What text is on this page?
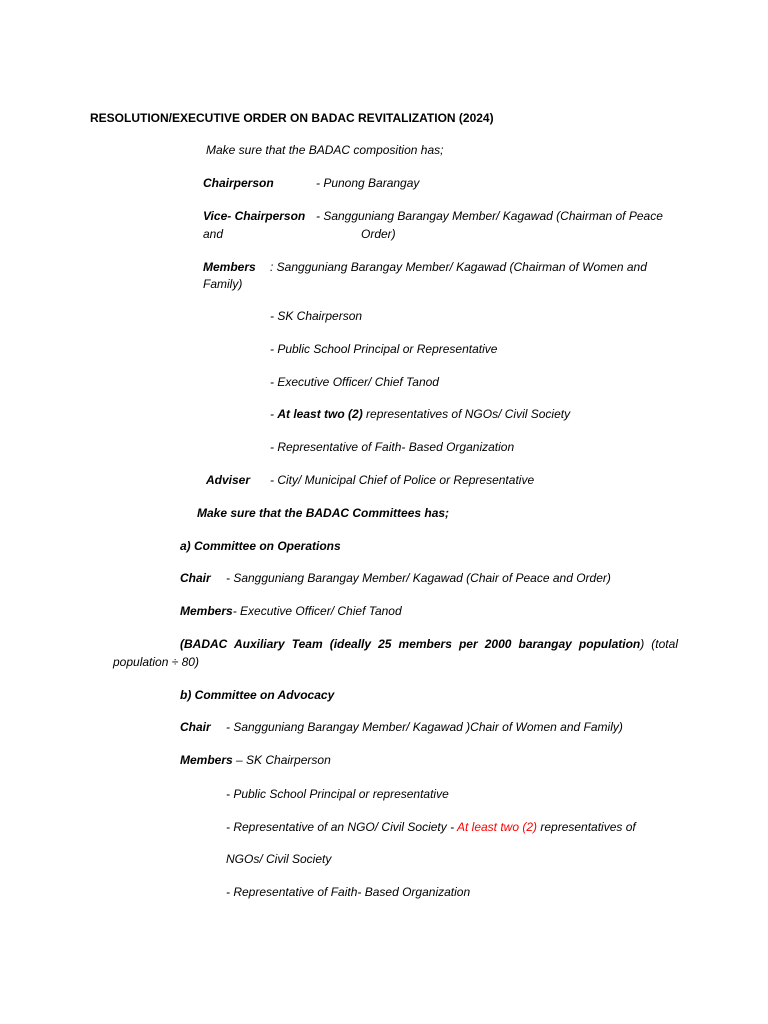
RESOLUTION/EXECUTIVE ORDER ON BADAC REVITALIZATION (2024)
Make sure that the BADAC composition has;
Chairperson	- Punong Barangay
Vice- Chairperson - Sangguniang Barangay Member/ Kagawad (Chairman of Peace
and	Order)
Members : Sangguniang Barangay Member/ Kagawad (Chairman of Women and
Family)
- SK Chairperson
- Public School Principal or Representative
- Executive Officer/ Chief Tanod
- At least two (2) representatives of NGOs/ Civil Society
- Representative of Faith- Based Organization
Adviser - City/ Municipal Chief of Police or Representative
Make sure that the BADAC Committees has;
a) Committee on Operations
Chair - Sangguniang Barangay Member/ Kagawad (Chair of Peace and Order)
Members- Executive Officer/ Chief Tanod
(BADAC Auxiliary Team (ideally 25 members per 2000 barangay population) (total
population ÷ 80)
b) Committee on Advocacy
Chair - Sangguniang Barangay Member/ Kagawad )Chair of Women and Family)
Members – SK Chairperson
- Public School Principal or representative
- Representative of an NGO/ Civil Society - At least two (2) representatives of
NGOs/ Civil Society
- Representative of Faith- Based Organization
